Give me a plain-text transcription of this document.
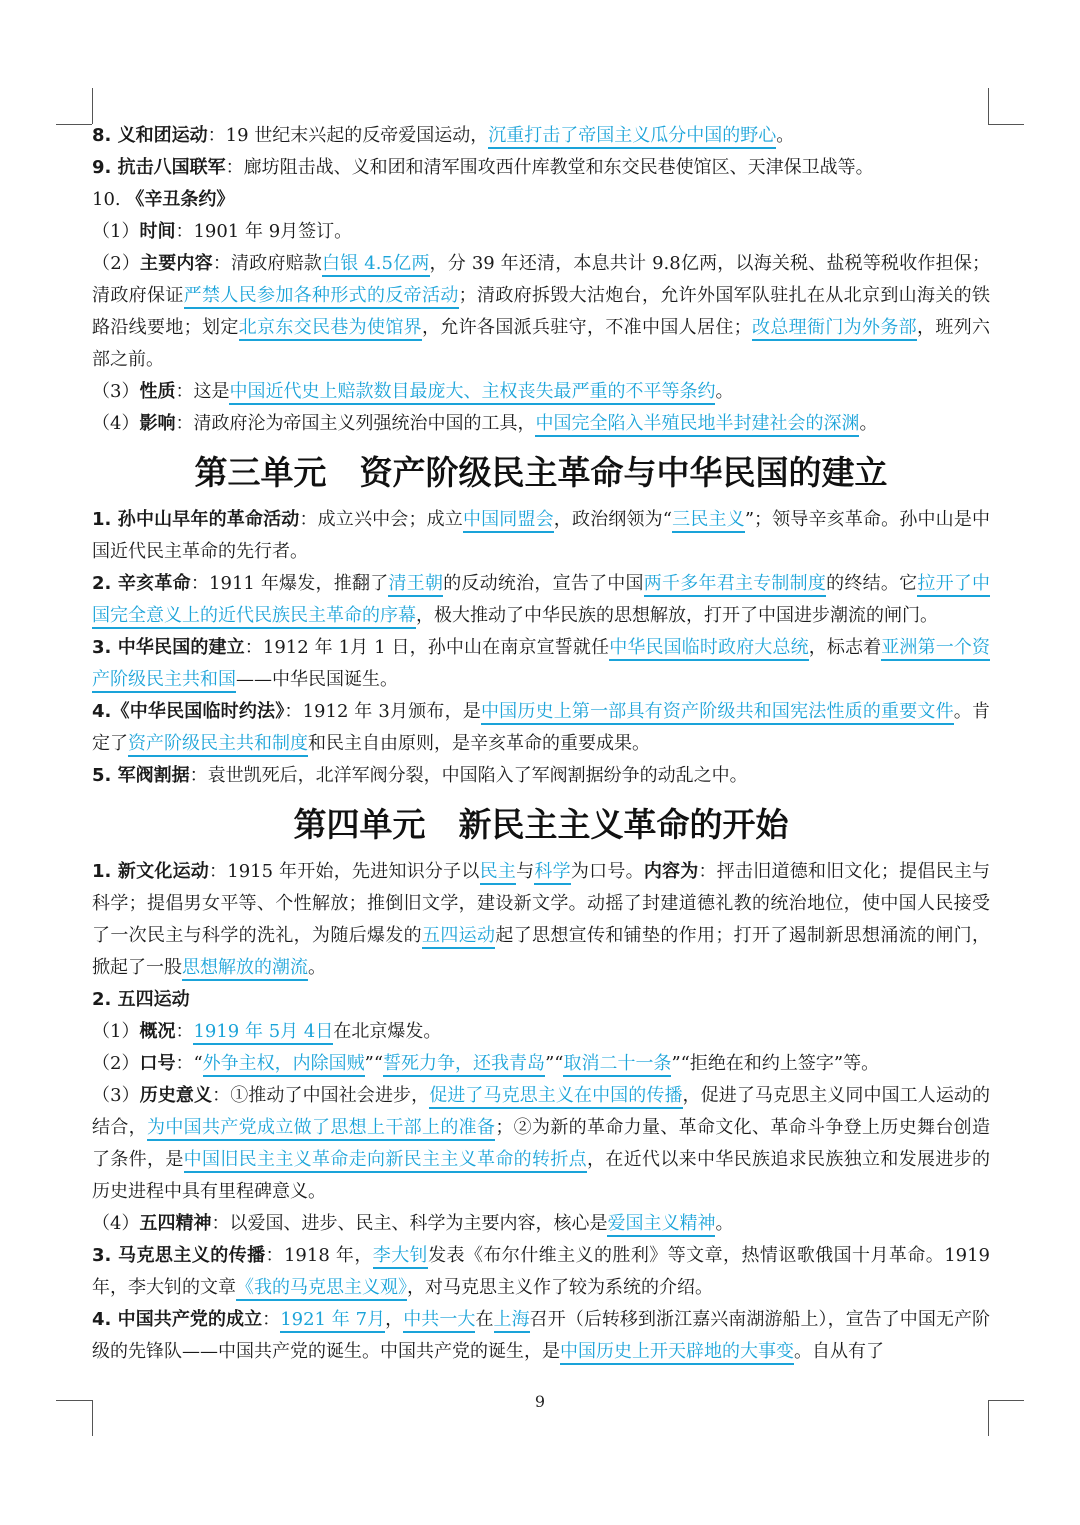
8. 义和团运动：19 世纪末兴起的反帝爱国运动，沉重打击了帝国主义瓜分中国的野心。

9. 抗击八国联军：廊坊阻击战、义和团和清军围攻西什库教堂和东交民巷使馆区、天津保卫战等。

10. 《辛丑条约》

（1）时间：1901 年 9月签订。

（2）主要内容：清政府赔款白银 4.5亿两，分 39 年还清，本息共计 9.8亿两，以海关税、盐税等税收作担保；清政府保证严禁人民参加各种形式的反帝活动；清政府拆毁大沽炮台，允许外国军队驻扎在从北京到山海关的铁路沿线要地；划定北京东交民巷为使馆界，允许各国派兵驻守，不准中国人居住；改总理衙门为外务部，班列六部之前。

（3）性质：这是中国近代史上赔款数目最庞大、主权丧失最严重的不平等条约。

（4）影响：清政府沦为帝国主义列强统治中国的工具，中国完全陷入半殖民地半封建社会的深渊。

第三单元　资产阶级民主革命与中华民国的建立

1. 孙中山早年的革命活动：成立兴中会；成立中国同盟会，政治纲领为“三民主义”；领导辛亥革命。孙中山是中国近代民主革命的先行者。

2. 辛亥革命：1911 年爆发，推翻了清王朝的反动统治，宣告了中国两千多年君主专制制度的终结。它拉开了中国完全意义上的近代民族民主革命的序幕，极大推动了中华民族的思想解放，打开了中国进步潮流的闸门。

3. 中华民国的建立：1912 年 1月 1 日，孙中山在南京宣誓就任中华民国临时政府大总统，标志着亚洲第一个资产阶级民主共和国——中华民国诞生。

4.《中华民国临时约法》：1912 年 3月颁布，是中国历史上第一部具有资产阶级共和国宪法性质的重要文件。肯定了资产阶级民主共和制度和民主自由原则，是辛亥革命的重要成果。

5. 军阀割据：袁世凯死后，北洋军阀分裂，中国陷入了军阀割据纷争的动乱之中。

第四单元　新民主主义革命的开始

1. 新文化运动：1915 年开始，先进知识分子以民主与科学为口号。内容为：抨击旧道德和旧文化；提倡民主与科学；提倡男女平等、个性解放；推倒旧文学，建设新文学。动摇了封建道德礼教的统治地位，使中国人民接受了一次民主与科学的洗礼，为随后爆发的五四运动起了思想宣传和铺垫的作用；打开了遏制新思想涌流的闸门，掀起了一股思想解放的潮流。

2. 五四运动

（1）概况：1919 年 5月 4日在北京爆发。

（2）口号：“外争主权，内除国贼”“誓死力争，还我青岛”“取消二十一条”“拒绝在和约上签字”等。

（3）历史意义：①推动了中国社会进步，促进了马克思主义在中国的传播，促进了马克思主义同中国工人运动的结合，为中国共产党成立做了思想上干部上的准备；②为新的革命力量、革命文化、革命斗争登上历史舞台创造了条件，是中国旧民主主义革命走向新民主主义革命的转折点，在近代以来中华民族追求民族独立和发展进步的历史进程中具有里程碑意义。

（4）五四精神：以爱国、进步、民主、科学为主要内容，核心是爱国主义精神。

3. 马克思主义的传播：1918 年，李大钊发表《布尔什维主义的胜利》等文章，热情讴歌俄国十月革命。1919 年，李大钊的文章《我的马克思主义观》，对马克思主义作了较为系统的介绍。

4. 中国共产党的成立：1921 年 7月，中共一大在上海召开（后转移到浙江嘉兴南湖游船上），宣告了中国无产阶级的先锋队——中国共产党的诞生。中国共产党的诞生，是中国历史上开天辟地的大事变。自从有了

9
